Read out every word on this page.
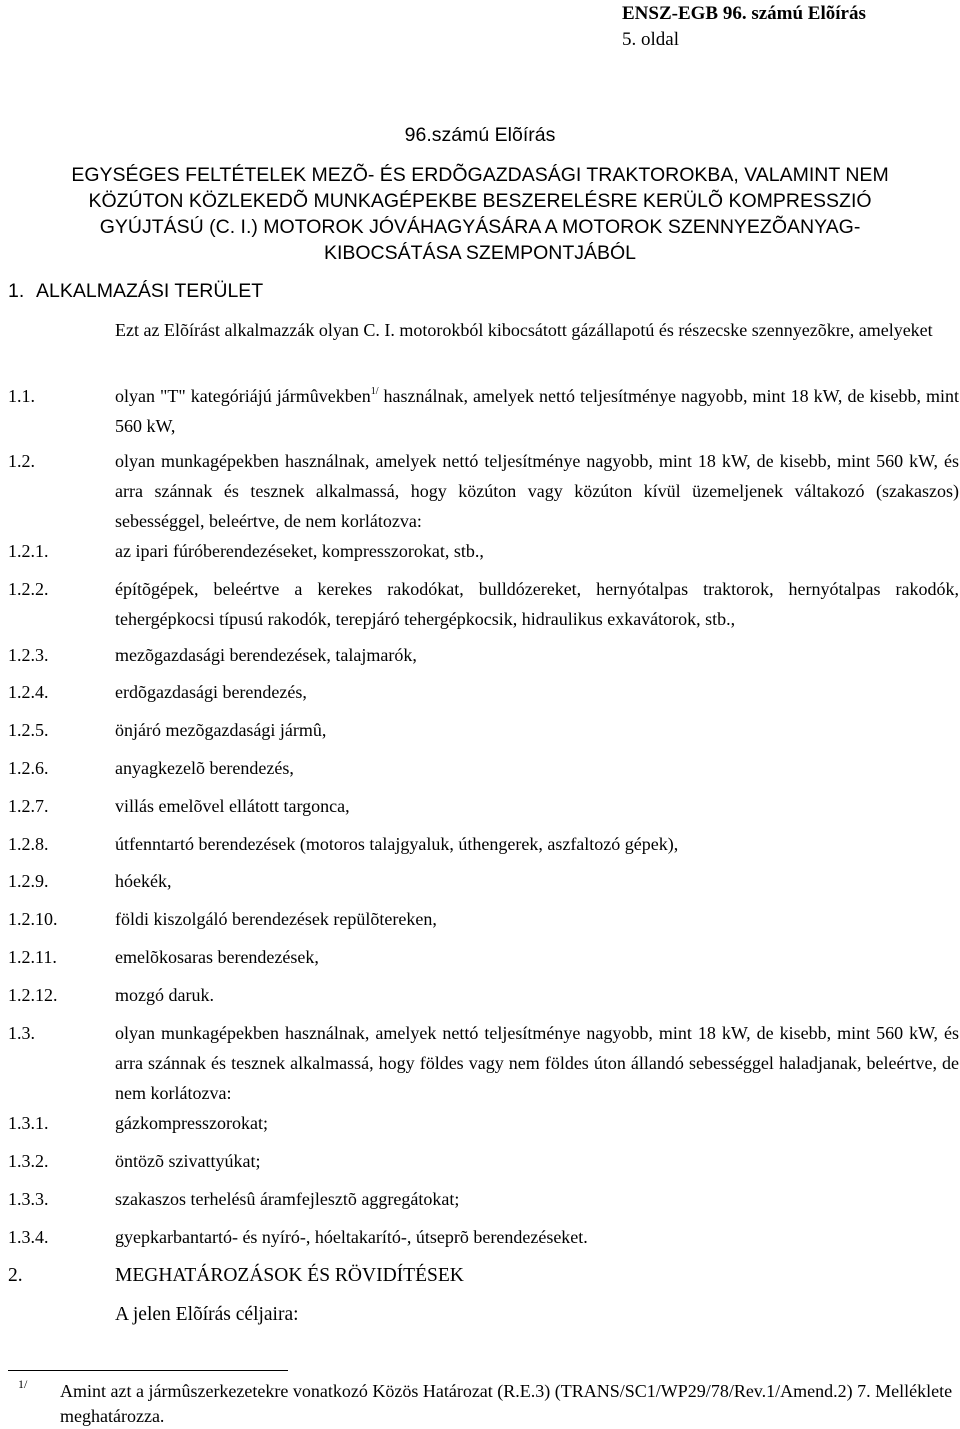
ENSZ-EGB 96. számú Elõírás
5. oldal
96.számú Elõírás
EGYSÉGES FELTÉTELEK MEZÕ- ÉS ERDÕGAZDASÁGI TRAKTOROKBA, VALAMINT NEM
KÖZÚTON KÖZLEKEDÕ MUNKAGÉPEKBE BESZERELÉSRE KERÜLÕ KOMPRESSZIÓ
GYÚJTÁSÚ (C. I.) MOTOROK JÓVÁHAGYÁSÁRA A MOTOROK SZENNYEZÕANYAG-
KIBOCSÁTÁSA SZEMPONTJÁBÓL
1. ALKALMAZÁSI TERÜLET
Ezt az Elõírást alkalmazzák olyan C. I. motorokból kibocsátott gázállapotú és részecske szennyezõkre, amelyeket
1.1.	olyan "T" kategóriájú jármûvekben$^{1/}$ használnak, amelyek nettó teljesítménye nagyobb, mint 18 kW, de kisebb, mint 560 kW,
1.2.	olyan munkagépekben használnak, amelyek nettó teljesítménye nagyobb, mint 18 kW, de kisebb, mint 560 kW, és arra szánnak és tesznek alkalmassá, hogy közúton vagy közúton kívül üzemeljenek váltakozó (szakaszos) sebességgel, beleértve, de nem korlátozva:
1.2.1.	az ipari fúróberendezéseket, kompresszorokat, stb.,
1.2.2.	építõgépek, beleértve a kerekes rakodókat, bulldózereket, hernyótalpas traktorok, hernyótalpas rakodók, tehergépkocsi típusú rakodók, terepjáró tehergépkocsik, hidraulikus exkavátorok, stb.,
1.2.3.	mezõgazdasági berendezések, talajmarók,
1.2.4.	erdõgazdasági berendezés,
1.2.5.	önjáró mezõgazdasági jármû,
1.2.6.	anyagkezelõ berendezés,
1.2.7.	villás emelõvel ellátott targonca,
1.2.8.	útfenntartó berendezések (motoros talajgyaluk, úthengerek, aszfaltozó gépek),
1.2.9.	hóekék,
1.2.10.	földi kiszolgáló berendezések repülõtereken,
1.2.11.	emelõkosaras berendezések,
1.2.12.	mozgó daruk.
1.3.	olyan munkagépekben használnak, amelyek nettó teljesítménye nagyobb, mint 18 kW, de kisebb, mint 560 kW, és arra szánnak és tesznek alkalmassá, hogy földes vagy nem földes úton állandó sebességgel haladjanak, beleértve, de nem korlátozva:
1.3.1.	gázkompresszorokat;
1.3.2.	öntözõ szivattyúkat;
1.3.3.	szakaszos terhelésû áramfejlesztõ aggregátokat;
1.3.4.	gyepkarbantartó- és nyíró-, hóeltakarító-, útseprõ berendezéseket.
2.	MEGHATÁROZÁSOK ÉS RÖVIDÍTÉSEK
A jelen Elõírás céljaira:
1/ Amint azt a jármûszerkezetekre vonatkozó Közös Határozat (R.E.3) (TRANS/SC1/WP29/78/Rev.1/Amend.2) 7. Melléklete meghatározza.
